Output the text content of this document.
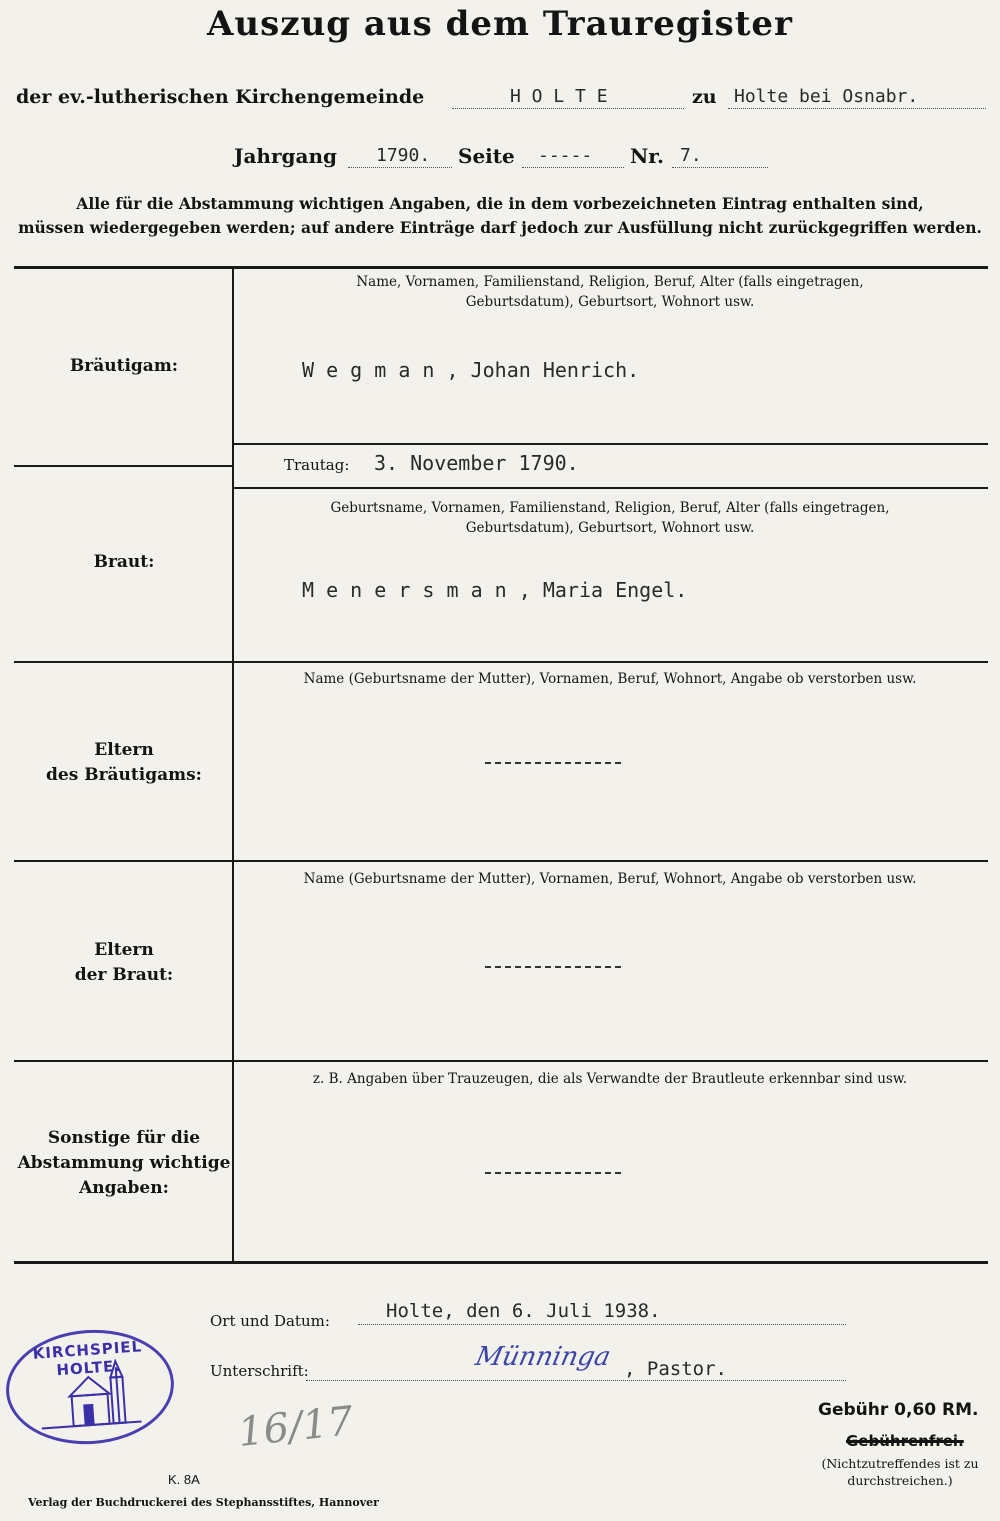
Auszug aus dem Trauregister
der ev.-lutherischen Kirchengemeinde	H O L T E	zu Holte bei Osnabr.
Jahrgang 1790. Seite ----- Nr. 7.
Alle für die Abstammung wichtigen Angaben, die in dem vorbezeichneten Eintrag enthalten sind,
müssen wiedergegeben werden; auf andere Einträge darf jedoch zur Ausfüllung nicht zurückgegriffen werden.
Bräutigam:
Name, Vornamen, Familienstand, Religion, Beruf, Alter (falls eingetragen,
Geburtsdatum), Geburtsort, Wohnort usw.
W e g m a n , Johan Henrich.
Trautag: 3. November 1790.
Braut:
Geburtsname, Vornamen, Familienstand, Religion, Beruf, Alter (falls eingetragen,
Geburtsdatum), Geburtsort, Wohnort usw.
M e n e r s m a n , Maria Engel.
Eltern
des Bräutigams:
Name (Geburtsname der Mutter), Vornamen, Beruf, Wohnort, Angabe ob verstorben usw.
Eltern
der Braut:
Name (Geburtsname der Mutter), Vornamen, Beruf, Wohnort, Angabe ob verstorben usw.
Sonstige für die
Abstammung wichtige
Angaben:
z. B. Angaben über Trauzeugen, die als Verwandte der Brautleute erkennbar sind usw.
Ort und Datum:	Holte, den 6. Juli 1938.
Unterschrift:	Münninga , Pastor.
KIRCHSPIEL HOLTE.
16/17
K. 8A
Verlag der Buchdruckerei des Stephansstiftes, Hannover
Gebühr 0,60 RM.
Gebührenfrei.
(Nichtzutreffendes ist zu
durchstreichen.)
